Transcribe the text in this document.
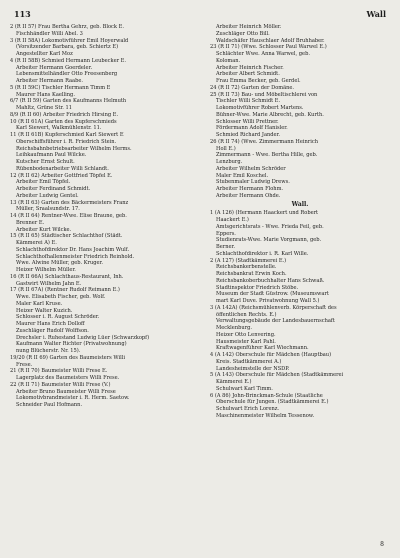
113	Wall
2 (R II 57) Frau Bertha Gehrz, geb. Block E.
Fischhändler Willi Abel. 3
3 (R II 58A) Lokomotivführer Emil Hoyerwald
(Vorsitzender Barbara, geb. Schiertz E)
Angestellter Karl Moz
4 (R II 58B) Schmied Hermann Leubecker E.
Arbeiter Hermann Goerdeler.
Lebensmittelhändler Otto Freesenberg
Arbeiter Hermann Raabe.
5 (R II 59C) Tischler Hermann Timm E
Maurer Hans Kaelling.
6/7 (R II 59) Garten des Kaufmanns Helmuth
Mahltz, Grüne Str. 11
8/9 (R II 60) Arbeiter Friedrich Hirsing E.
10 (R II 61A) Garten des Kupferschmieds
Karl Siewert, Walkmühlenstr. 11.
11 (R II 61B) Kupferschmied Karl Siewert E
Oberschiffsführer i. R. Friedrich Stein.
Reichsbahnbetriebsarbeiter Wilhelm Herms.
Leihkaufmann Paul Wilcke.
Kutscher Ernst Schult.
Rübenbodenarbeiter Willi Schlandt.
12 (R II 62) Arbeiter Gottfried Töpfel E.
Arbeiter Emil Töpfel.
Arbeiter Ferdinand Schmidt.
Arbeiter Ludwig Gentel.
13 (R II 63) Garten des Bäckermeisters Franz
Müller, Sraalsundstr. 17.
14 (R II 64) Rentner-Wwe. Elise Braune, geb.
Brenner E.
Arbeiter Kurt Wilcke.
15 (R II 65) Städtischer Schlachthof (Städt.
Kämmerei A) E.
Schlachthofdirektor Dr. Hans Joachim Wulf.
Schlachthofhallenmeister Friedrich Reinhold.
Wwe. Alwine Müller, geb. Kruger.
Heizer Wilhelm Müller.
16 (R II 66A) Schlachthaus-Restaurant, Inh.
Gastwirt Wilhelm Jahn E.
17 (R II 67A) (Rentner Rudolf Reimann E.)
Wwe. Elisabeth Fischer, geb. Wolf.
Maler Karl Kruse.
Heizer Walter Kuzich.
Schlosser i. R. August Schröder.
Maurer Hans Erich Dolloff
Zuschläger Rudolf Wolffson.
Drechsler i. Ruhestand Ludwig Lüer (Schwarzkopf)
Kaufmann Walter Richter (Privatwohnung)
nung Blücherstr. Nr. 15).
19/20 (R II 69) Garten des Baumeisters Willi
Frese.
21 (R II 70) Baumeister Willi Frese E.
Lagerplatz des Baumeisters Willi Frese.
22 (R II 71) Baumeister Willi Frese (V.)
Arbeiter Bruno Baumeister Willi Frese
Lokomotivbrandmeister i. R. Herm. Saetow.
Schneider Paul Hofmann.
Arbeiter Heinrich Möller.
Zuschläger Otto Bill.
Waldschäfer Hauschlaer Adolf Bruhhaber.
23 (R II 71) (Wwe. Schlosser Paul Warwel E.)
Schlächter Wwe. Anna Warwel, geb.
Koloman.
Arbeiter Heinrich Fischer.
Arbeiter Albert Schmidt.
Frau Emma Becker, geb. Gerdel.
24 (R II 72) Garten der Domäne.
25 (R II 73) Bau- und Möbeltischlerei von
Tischler Willi Schmidt E.
Lokomotivführer Robert Martens.
Bühner-Wwe. Marie Albrecht, geb. Kurth.
Schlosser Willi Prettner.
Fördermann Adolf Hanisler.
Schmied Richard Jander.
26 (R II 74) (Wwe. Zimmermann Heinrich
Holl E.)
Zimmermann - Wwe. Bertha Hille, geb.
Lenzburg.
Arbeiter Wilhelm Schröder
Maler Emil Koschel.
Stubenmaler Ludwig Drews.
Arbeiter Hermann Flohm.
Arbeiter Hermann Ohde.
Wall.
1 (A 126) (Hermann Haackert und Robert
Haackert E.)
Amtsgerichtsrats - Wwe. Frieda Feil, geb.
Eppers.
Studienrats-Wwe. Marie Vorgmann, geb.
Berner.
Schlachthofdirektor i. R. Karl Wille.
2 (A 127) (Stadtkämmerei E.)
Reichsbankerbenstelle.
Reichsbankrat Erwin Koch.
Reichsbankoberbuchhalter Hans Schwaß.
Stadtinspektor Friedrich Stöbe.
Museum der Stadt Güstrow. (Museumswart
mart Karl Duve. Privatwohnung Wall 5.)
3 (A 142A) (Reichsmühlenverb. Körperschaft des
öffentlichen Rechts. E.)
Verwaltungsgebäude der Landesbauernschaft
Mecklenburg.
Heizer Otto Lenvering.
Hausmeister Karl Pahl.
Kraftwagenführer Karl Wiechmann.
4 (A 142) Oberschule für Mädchen (Hauptbau)
Kreis. Stadtkämmerei A.)
Landesheimstelle der NSDP.
5 (A 143) Oberschule für Mädchen (Stadtkämmerei
Kämmerei E.)
Schulwart Karl Timm.
6 (A 86) John-Brinckman-Schule (Staatliche
Oberschule für Jungen. (Stadtkämmerei E.)
Schulwart Erich Lorenz.
Maschinenmeister Wilhelm Tessenow.
8
